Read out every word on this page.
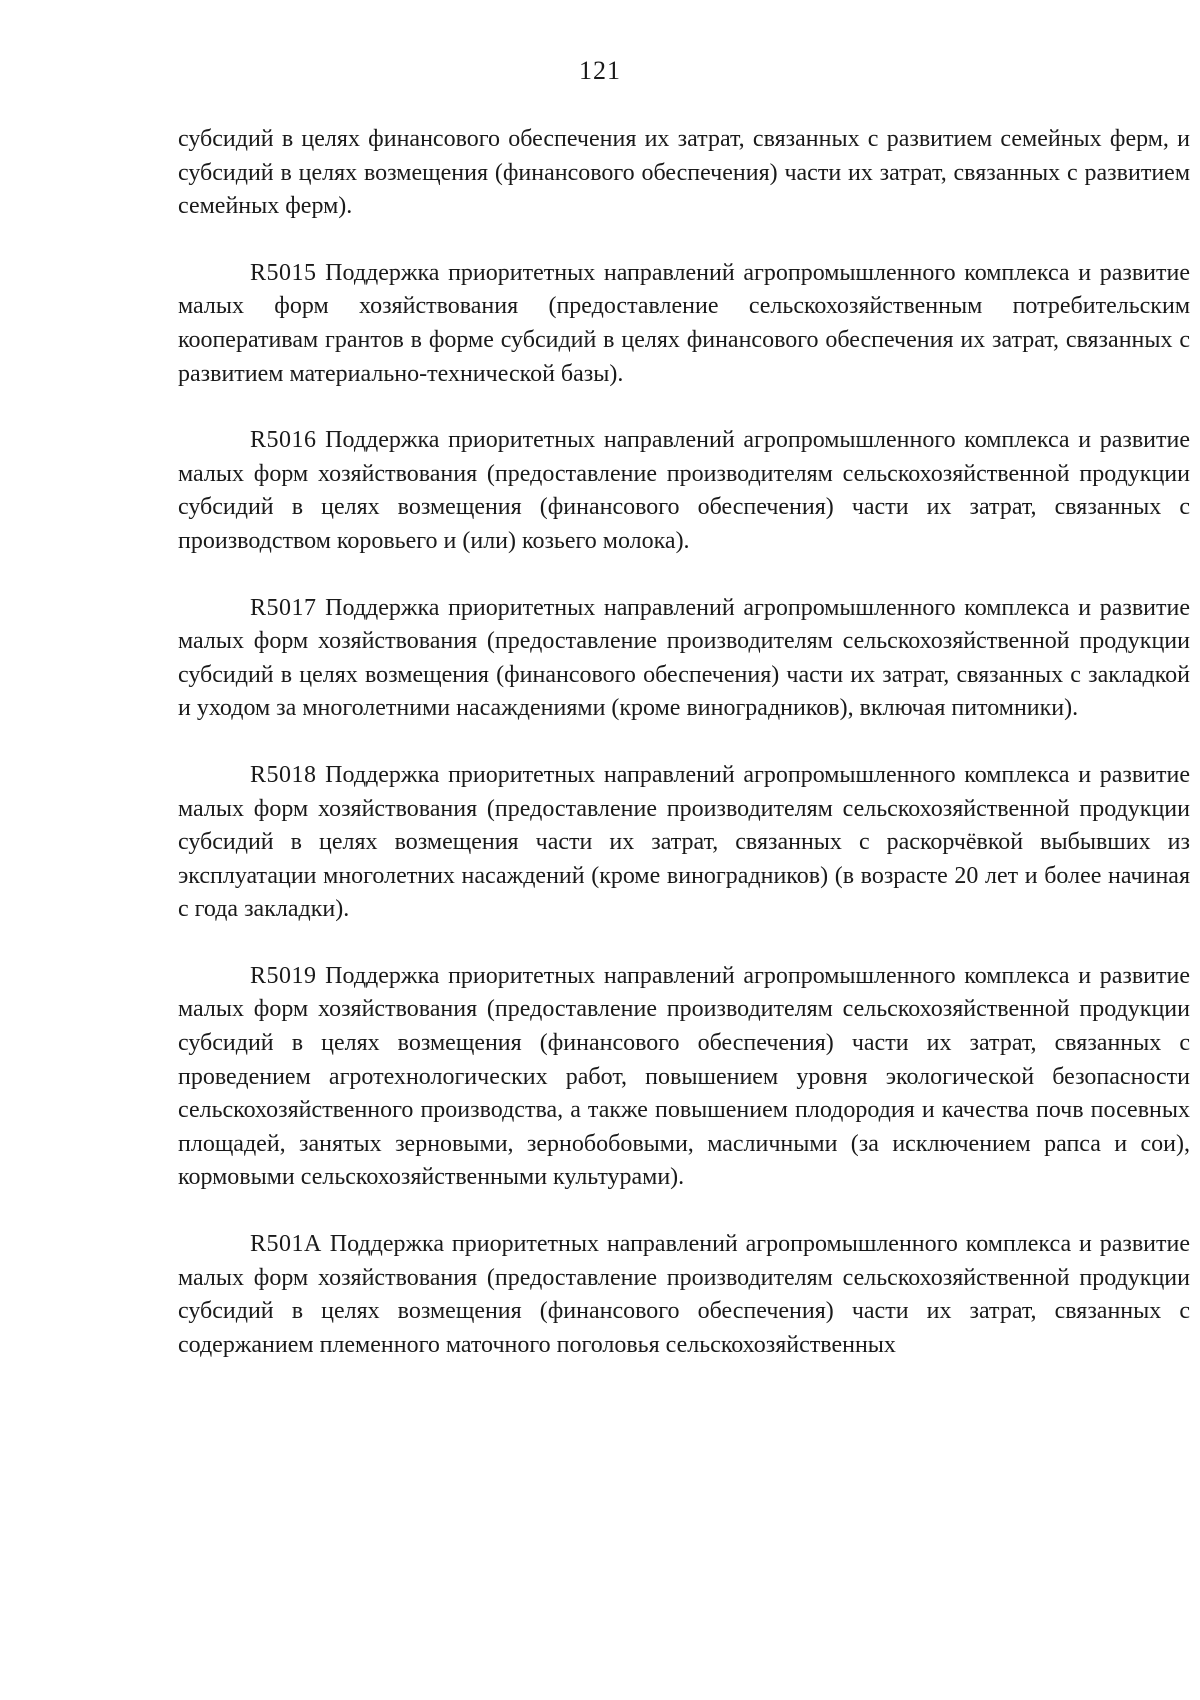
121

субсидий в целях финансового обеспечения их затрат, связанных с развитием семейных ферм, и субсидий в целях возмещения (финансового обеспечения) части их затрат, связанных с развитием семейных ферм).

R5015 Поддержка приоритетных направлений агропромышленного комплекса и развитие малых форм хозяйствования (предоставление сельскохозяйственным потребительским кооперативам грантов в форме субсидий в целях финансового обеспечения их затрат, связанных с развитием материально-технической базы).

R5016 Поддержка приоритетных направлений агропромышленного комплекса и развитие малых форм хозяйствования (предоставление производителям сельскохозяйственной продукции субсидий в целях возмещения (финансового обеспечения) части их затрат, связанных с производством коровьего и (или) козьего молока).

R5017 Поддержка приоритетных направлений агропромышленного комплекса и развитие малых форм хозяйствования (предоставление производителям сельскохозяйственной продукции субсидий в целях возмещения (финансового обеспечения) части их затрат, связанных с закладкой и уходом за многолетними насаждениями (кроме виноградников), включая питомники).

R5018 Поддержка приоритетных направлений агропромышленного комплекса и развитие малых форм хозяйствования (предоставление производителям сельскохозяйственной продукции субсидий в целях возмещения части их затрат, связанных с раскорчёвкой выбывших из эксплуатации многолетних насаждений (кроме виноградников) (в возрасте 20 лет и более начиная с года закладки).

R5019 Поддержка приоритетных направлений агропромышленного комплекса и развитие малых форм хозяйствования (предоставление производителям сельскохозяйственной продукции субсидий в целях возмещения (финансового обеспечения) части их затрат, связанных с проведением агротехнологических работ, повышением уровня экологической безопасности сельскохозяйственного производства, а также повышением плодородия и качества почв посевных площадей, занятых зерновыми, зернобобовыми, масличными (за исключением рапса и сои), кормовыми сельскохозяйственными культурами).

R501A Поддержка приоритетных направлений агропромышленного комплекса и развитие малых форм хозяйствования (предоставление производителям сельскохозяйственной продукции субсидий в целях возмещения (финансового обеспечения) части их затрат, связанных с содержанием племенного маточного поголовья сельскохозяйственных
